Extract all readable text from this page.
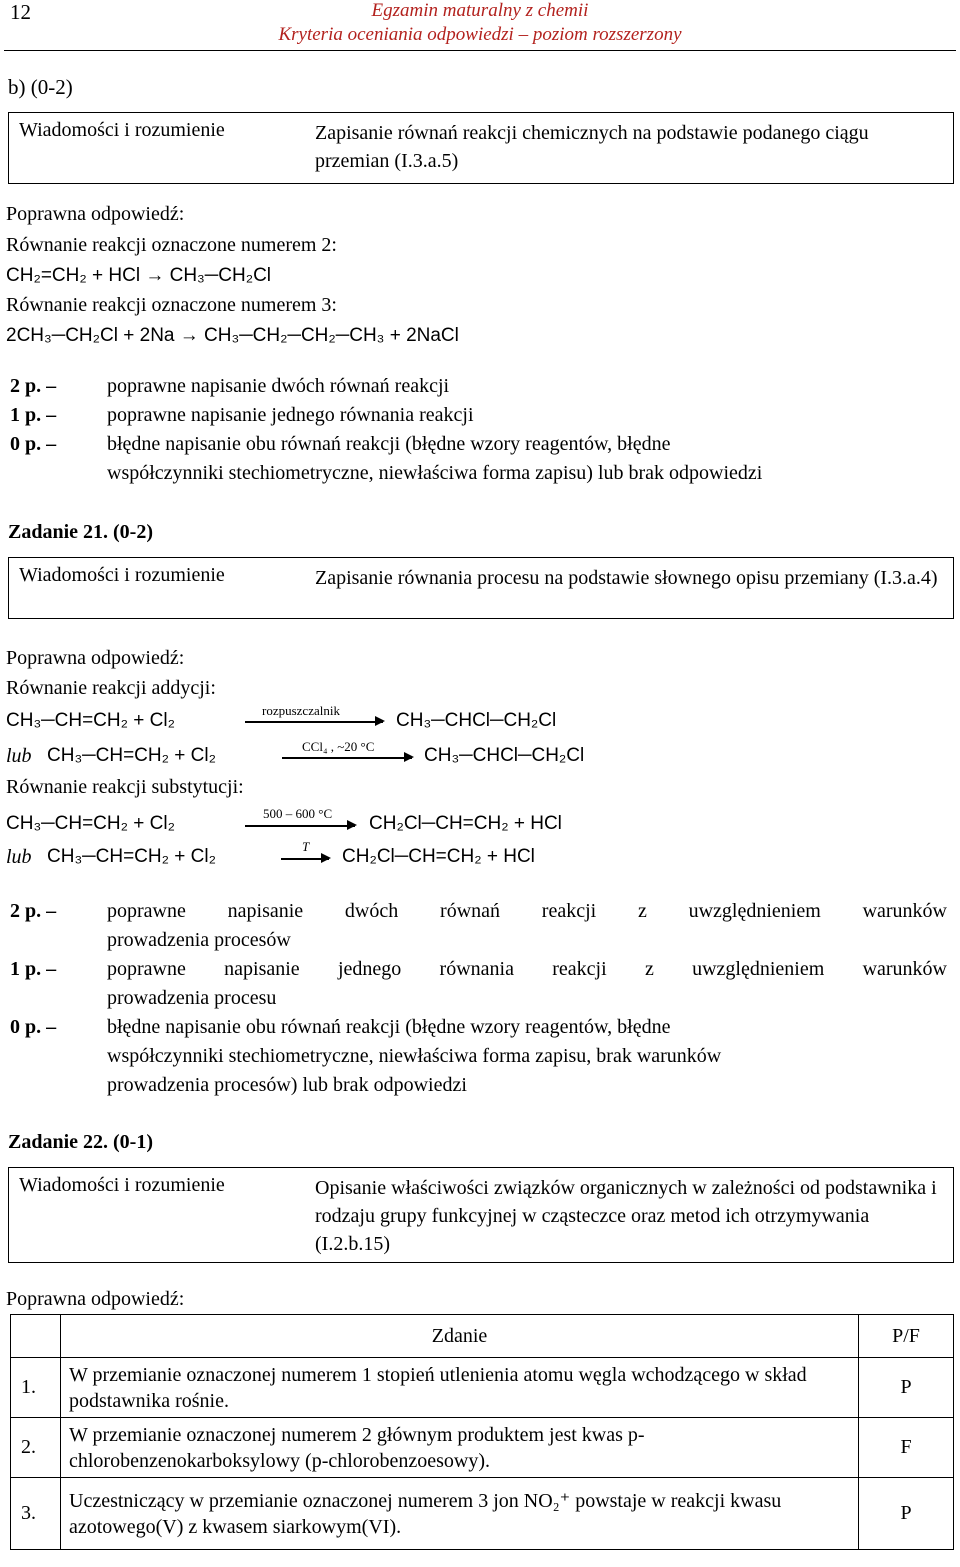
12	Egzamin maturalny z chemii
Kryteria oceniania odpowiedzi – poziom rozszerzony
b) (0-2)
Wiadomości i rozumienie	Zapisanie równań reakcji chemicznych na podstawie podanego ciągu przemian (I.3.a.5)
Poprawna odpowiedź:
Równanie reakcji oznaczone numerem 2:
CH₂=CH₂ + HCl → CH₃─CH₂Cl
Równanie reakcji oznaczone numerem 3:
2CH₃─CH₂Cl + 2Na → CH₃─CH₂─CH₂─CH₃ + 2NaCl
2 p. –	poprawne napisanie dwóch równań reakcji
1 p. –	poprawne napisanie jednego równania reakcji
0 p. –	błędne napisanie obu równań reakcji (błędne wzory reagentów, błędne
współczynniki stechiometryczne, niewłaściwa forma zapisu) lub brak odpowiedzi
Zadanie 21. (0-2)
Wiadomości i rozumienie	Zapisanie równania procesu na podstawie słownego opisu przemiany (I.3.a.4)
Poprawna odpowiedź:
Równanie reakcji addycji:
CH₃─CH=CH₂ + Cl₂	rozpuszczalnik	CH₃─CHCl─CH₂Cl
lub CH₃─CH=CH₂ + Cl₂	CCl₄ , ~20 °C	CH₃─CHCl─CH₂Cl
Równanie reakcji substytucji:
CH₃─CH=CH₂ + Cl₂	500 – 600 °C CH₂Cl─CH=CH₂ + HCl
lub CH₃─CH=CH₂ + Cl₂	T → CH₂Cl─CH=CH₂ + HCl
2 p. –	poprawne napisanie dwóch równań reakcji z uwzględnieniem warunków
prowadzenia procesów
1 p. –	poprawne napisanie jednego równania reakcji z uwzględnieniem warunków
prowadzenia procesu
0 p. –	błędne napisanie obu równań reakcji (błędne wzory reagentów, błędne
współczynniki stechiometryczne, niewłaściwa forma zapisu, brak warunków
prowadzenia procesów) lub brak odpowiedzi
Zadanie 22. (0-1)
Wiadomości i rozumienie	Opisanie właściwości związków organicznych w zależności od podstawnika i rodzaju grupy funkcyjnej w cząsteczce oraz metod ich otrzymywania (I.2.b.15)
Poprawna odpowiedź:
	Zdanie	P/F
1.	W przemianie oznaczonej numerem 1 stopień utlenienia atomu węgla wchodzącego w skład podstawnika rośnie.	P
2.	W przemianie oznaczonej numerem 2 głównym produktem jest kwas p-chlorobenzenokarboksylowy (p-chlorobenzoesowy).	F
3.	Uczestniczący w przemianie oznaczonej numerem 3 jon NO₂⁺ powstaje w reakcji kwasu azotowego(V) z kwasem siarkowym(VI).	P
